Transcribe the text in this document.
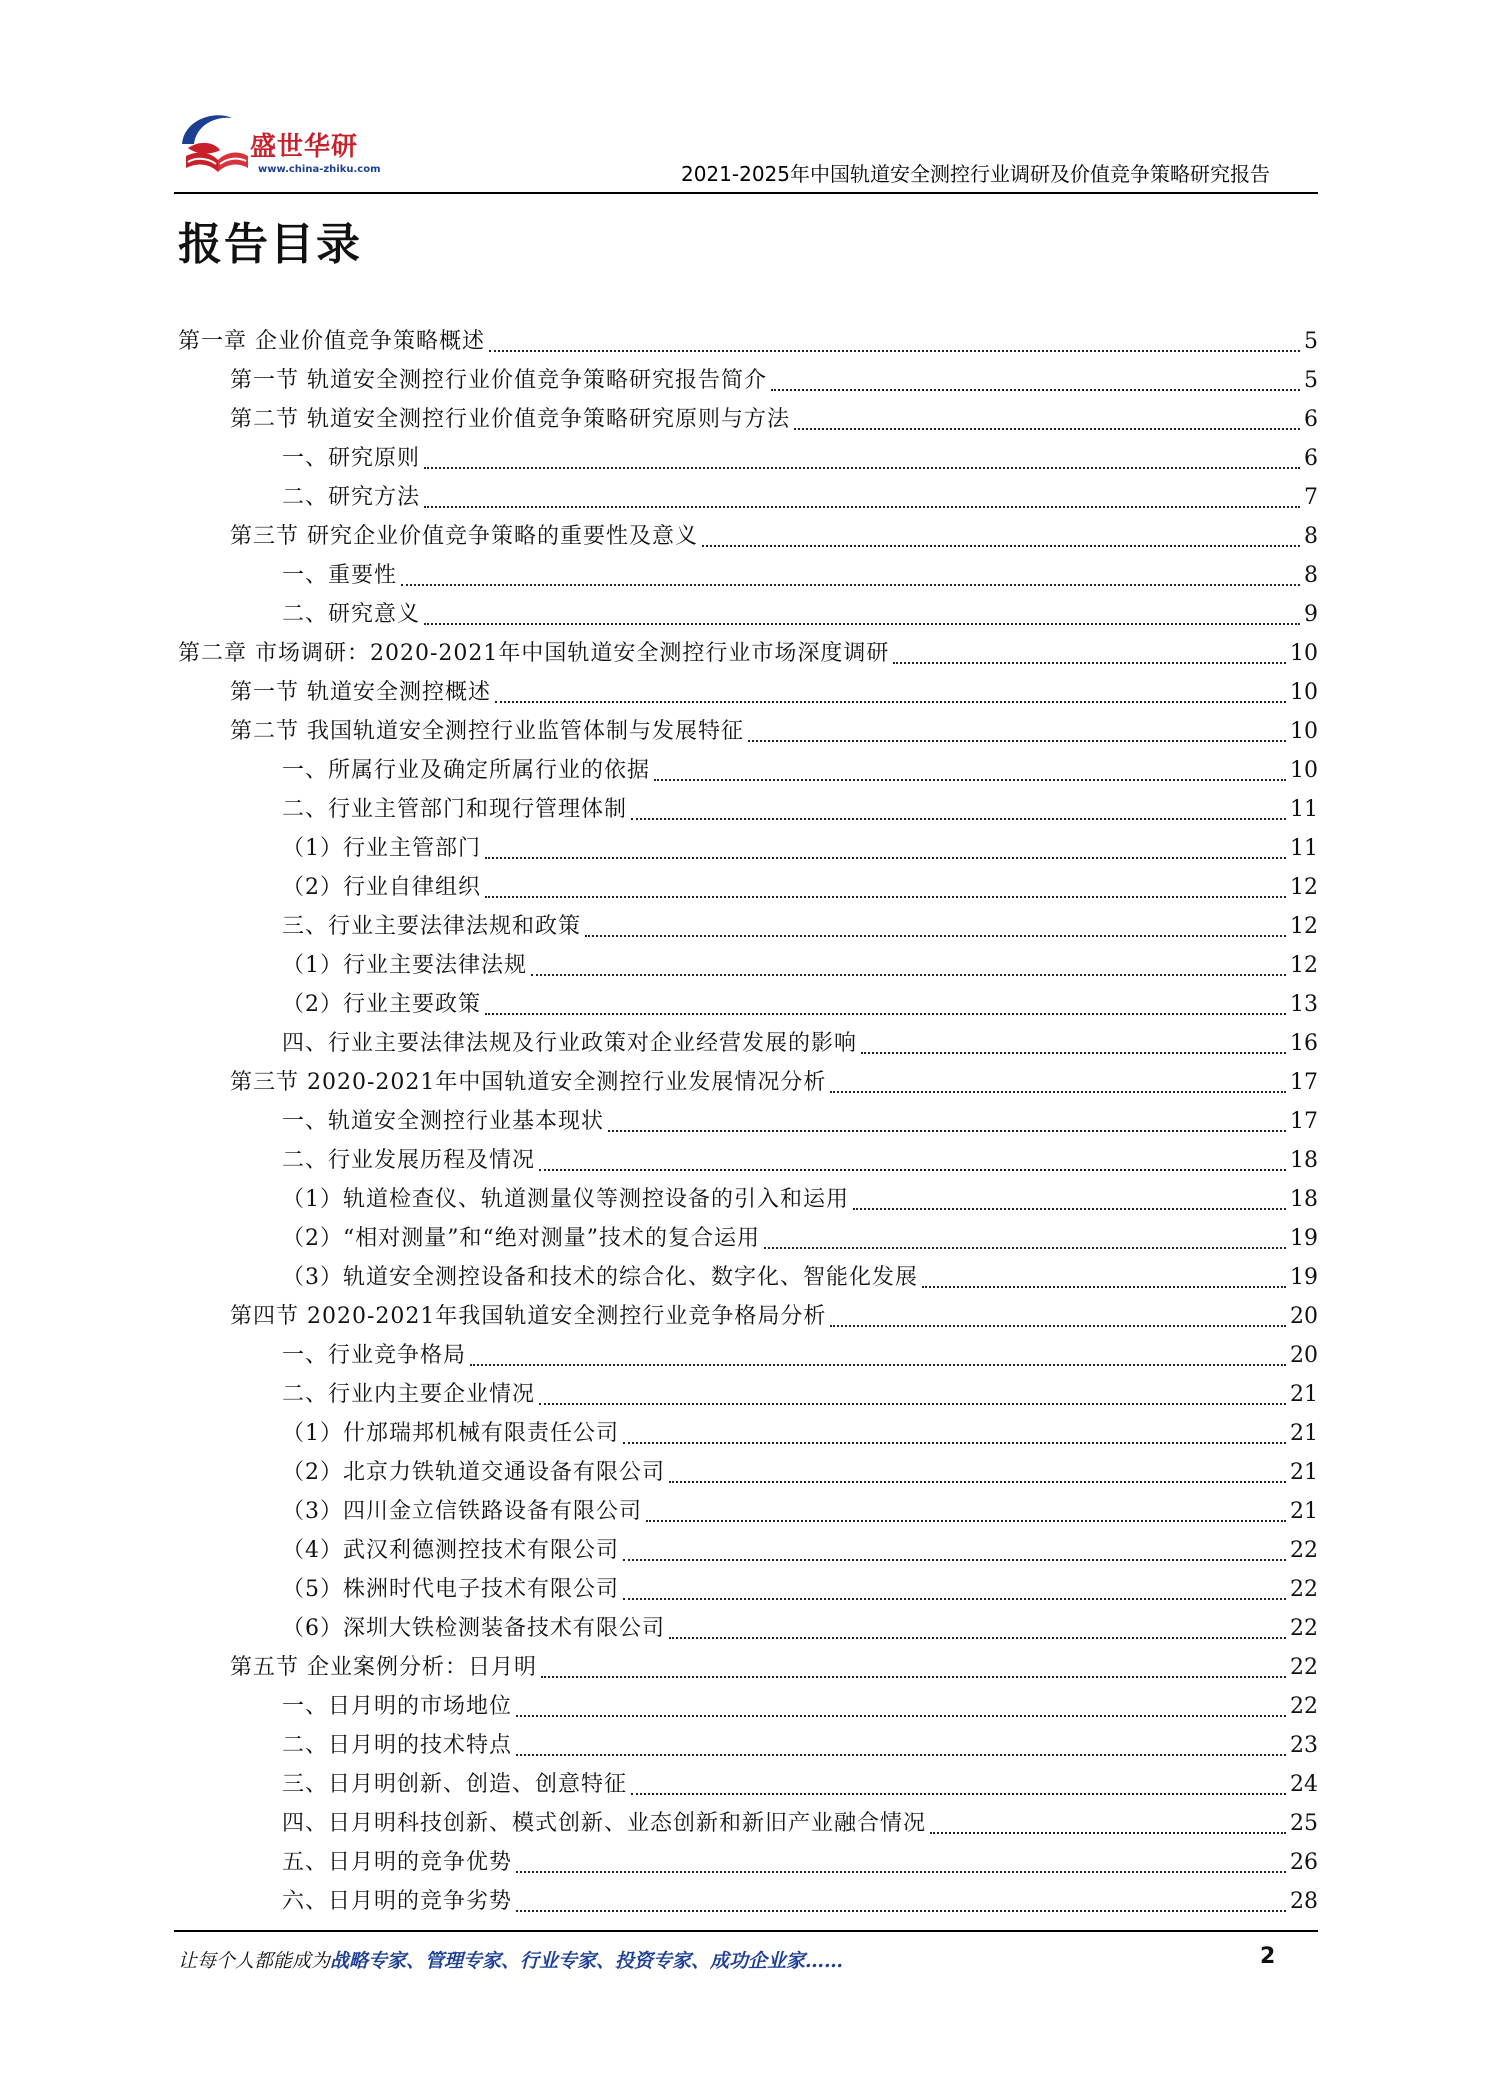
盛世华研
www.china-zhiku.com	2021-2025年中国轨道安全测控行业调研及价值竞争策略研究报告
报告目录
第一章 企业价值竞争策略概述	5
第一节 轨道安全测控行业价值竞争策略研究报告简介	5
第二节 轨道安全测控行业价值竞争策略研究原则与方法	6
一、研究原则	6
二、研究方法	7
第三节 研究企业价值竞争策略的重要性及意义	8
一、重要性	8
二、研究意义	9
第二章 市场调研：2020-2021年中国轨道安全测控行业市场深度调研	10
第一节 轨道安全测控概述	10
第二节 我国轨道安全测控行业监管体制与发展特征	10
一、所属行业及确定所属行业的依据	10
二、行业主管部门和现行管理体制	11
（1）行业主管部门	11
（2）行业自律组织	12
三、行业主要法律法规和政策	12
（1）行业主要法律法规	12
（2）行业主要政策	13
四、行业主要法律法规及行业政策对企业经营发展的影响	16
第三节 2020-2021年中国轨道安全测控行业发展情况分析	17
一、轨道安全测控行业基本现状	17
二、行业发展历程及情况	18
（1）轨道检查仪、轨道测量仪等测控设备的引入和运用	18
（2）“相对测量”和“绝对测量”技术的复合运用	19
（3）轨道安全测控设备和技术的综合化、数字化、智能化发展	19
第四节 2020-2021年我国轨道安全测控行业竞争格局分析	20
一、行业竞争格局	20
二、行业内主要企业情况	21
（1）什邡瑞邦机械有限责任公司	21
（2）北京力铁轨道交通设备有限公司	21
（3）四川金立信铁路设备有限公司	21
（4）武汉利德测控技术有限公司	22
（5）株洲时代电子技术有限公司	22
（6）深圳大铁检测装备技术有限公司	22
第五节 企业案例分析：日月明	22
一、日月明的市场地位	22
二、日月明的技术特点	23
三、日月明创新、创造、创意特征	24
四、日月明科技创新、模式创新、业态创新和新旧产业融合情况	25
五、日月明的竞争优势	26
六、日月明的竞争劣势	28
让每个人都能成为战略专家、管理专家、行业专家、投资专家、成功企业家……	2
